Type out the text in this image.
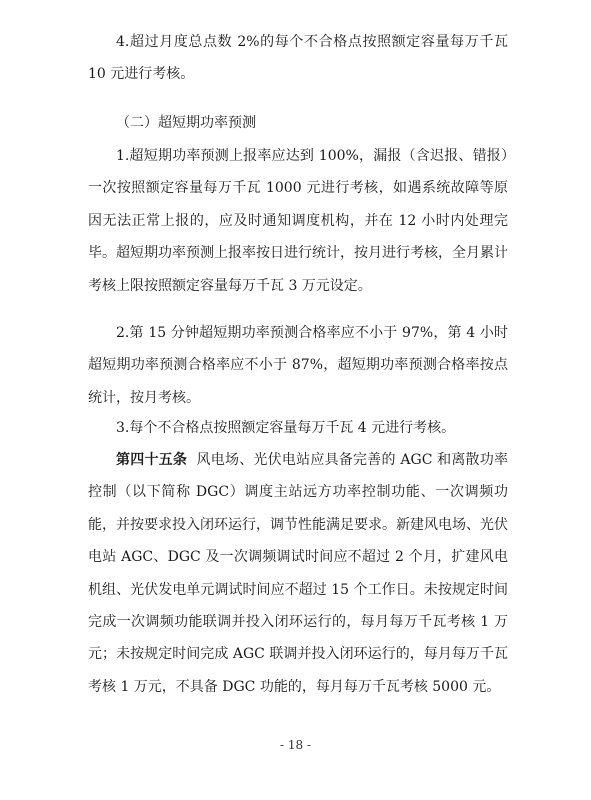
4.超过月度总点数 2%的每个不合格点按照额定容量每万千瓦 10 元进行考核。

（二）超短期功率预测

1.超短期功率预测上报率应达到 100%，漏报（含迟报、错报）一次按照额定容量每万千瓦 1000 元进行考核，如遇系统故障等原因无法正常上报的，应及时通知调度机构，并在 12 小时内处理完毕。超短期功率预测上报率按日进行统计，按月进行考核，全月累计考核上限按照额定容量每万千瓦 3 万元设定。

2.第 15 分钟超短期功率预测合格率应不小于 97%，第 4 小时超短期功率预测合格率应不小于 87%，超短期功率预测合格率按点统计，按月考核。

3.每个不合格点按照额定容量每万千瓦 4 元进行考核。

第四十五条 风电场、光伏电站应具备完善的 AGC 和离散功率控制（以下简称 DGC）调度主站远方功率控制功能、一次调频功能，并按要求投入闭环运行，调节性能满足要求。新建风电场、光伏电站 AGC、DGC 及一次调频调试时间应不超过 2 个月，扩建风电机组、光伏发电单元调试时间应不超过 15 个工作日。未按规定时间完成一次调频功能联调并投入闭环运行的，每月每万千瓦考核 1 万元；未按规定时间完成 AGC 联调并投入闭环运行的，每月每万千瓦考核 1 万元，不具备 DGC 功能的，每月每万千瓦考核 5000 元。

- 18 -
